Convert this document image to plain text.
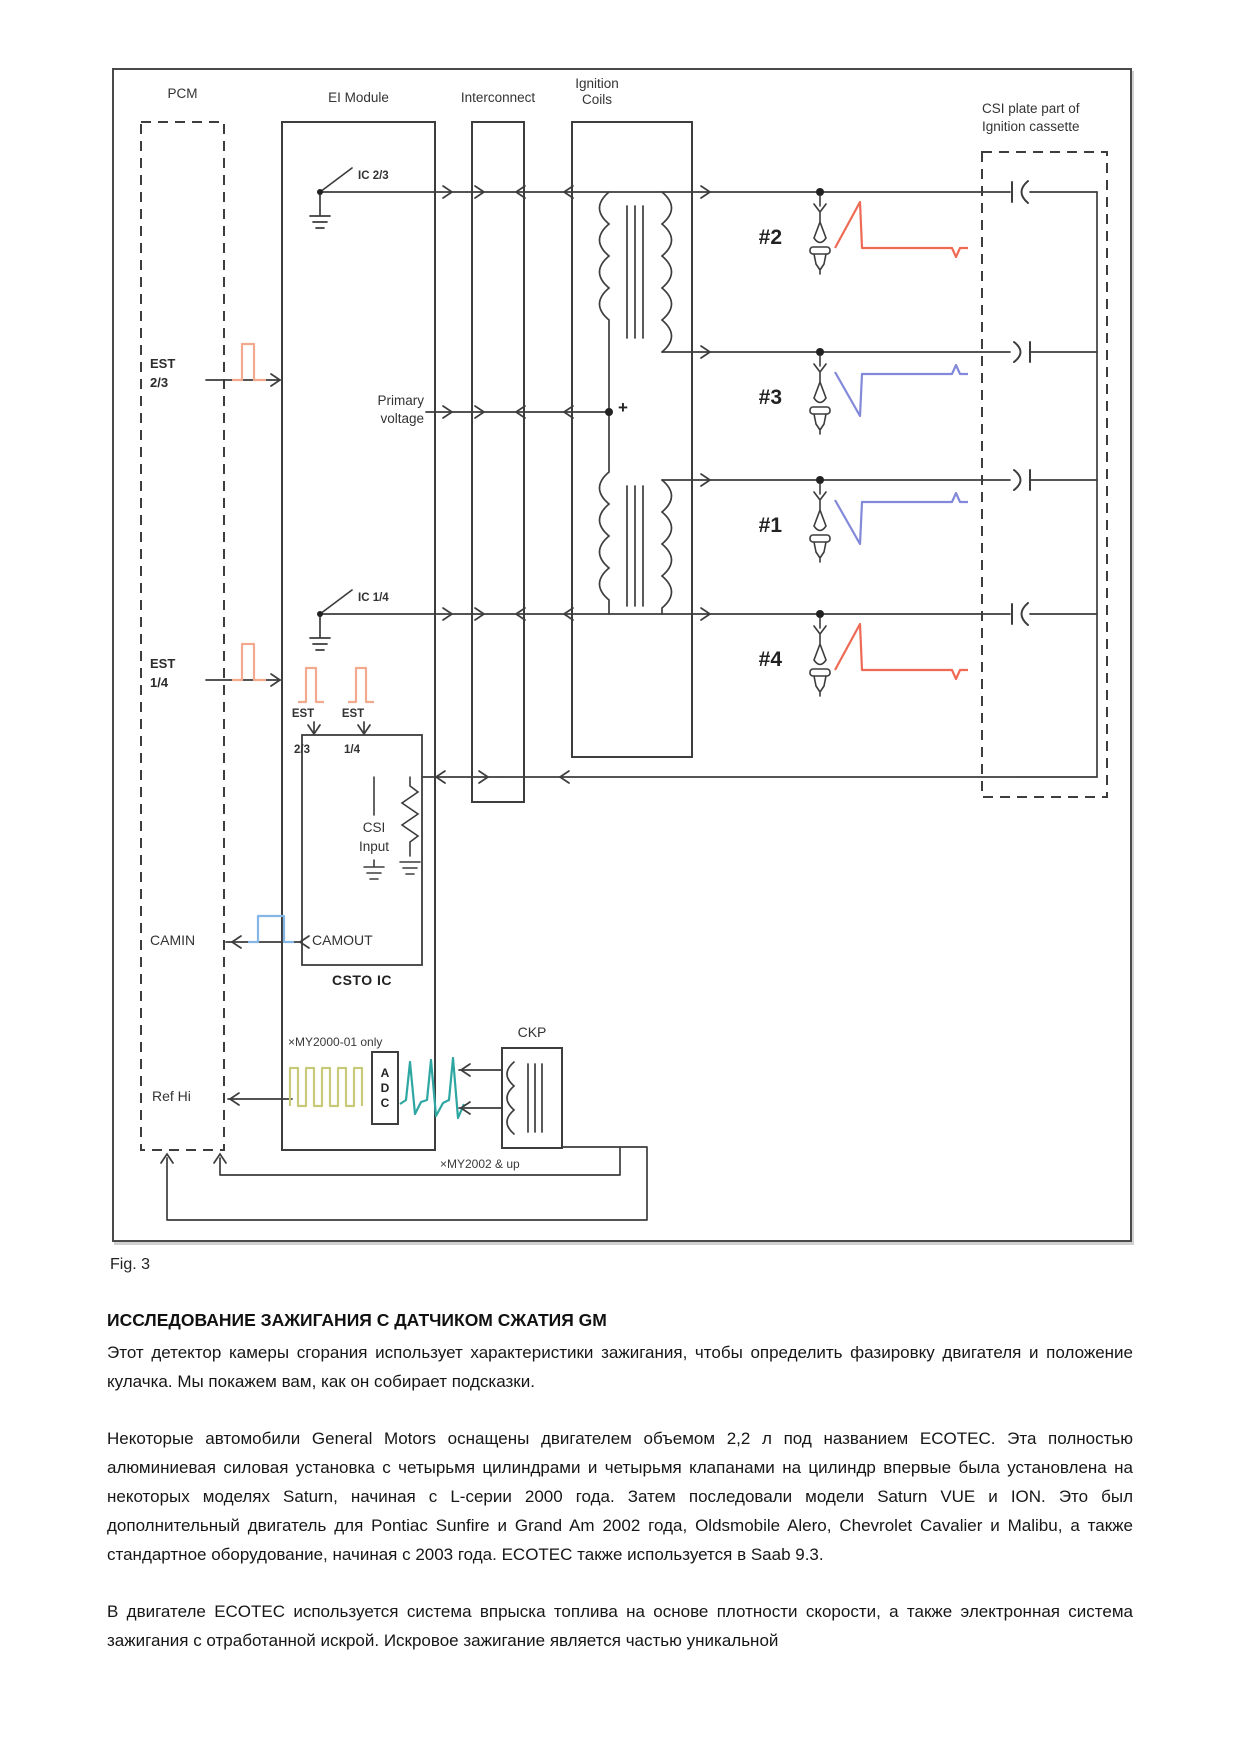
PCM	EI Module	Interconnect
Ignition
Coils
CSI plate part of
Ignition cassette
EST
2/3
EST
1/4
CAMIN
Ref Hi
IC 2/3
IC 1/4
Primary
voltage
+
EST	EST
2/3	1/4
CSI
Input
CAMOUT
CSTO IC
×MY2000-01 only
×MY2002 & up
CKP
A
D
C
#2
#3
#1
#4
Fig. 3
ИССЛЕДОВАНИЕ ЗАЖИГАНИЯ С ДАТЧИКОМ СЖАТИЯ GM

Этот детектор камеры сгорания использует характеристики зажигания, чтобы определить фазировку двигателя и положение кулачка. Мы покажем вам, как он собирает подсказки.

Некоторые автомобили General Motors оснащены двигателем объемом 2,2 л под названием ECOTEC. Эта полностью алюминиевая силовая установка с четырьмя цилиндрами и четырьмя клапанами на цилиндр впервые была установлена на некоторых моделях Saturn, начиная с L-серии 2000 года. Затем последовали модели Saturn VUE и ION. Это был дополнительный двигатель для Pontiac Sunfire и Grand Am 2002 года, Oldsmobile Alero, Chevrolet Cavalier и Malibu, а также стандартное оборудование, начиная с 2003 года. ECOTEC также используется в Saab 9.3.

В двигателе ECOTEC используется система впрыска топлива на основе плотности скорости, а также электронная система зажигания с отработанной искрой. Искровое зажигание является частью уникальной
